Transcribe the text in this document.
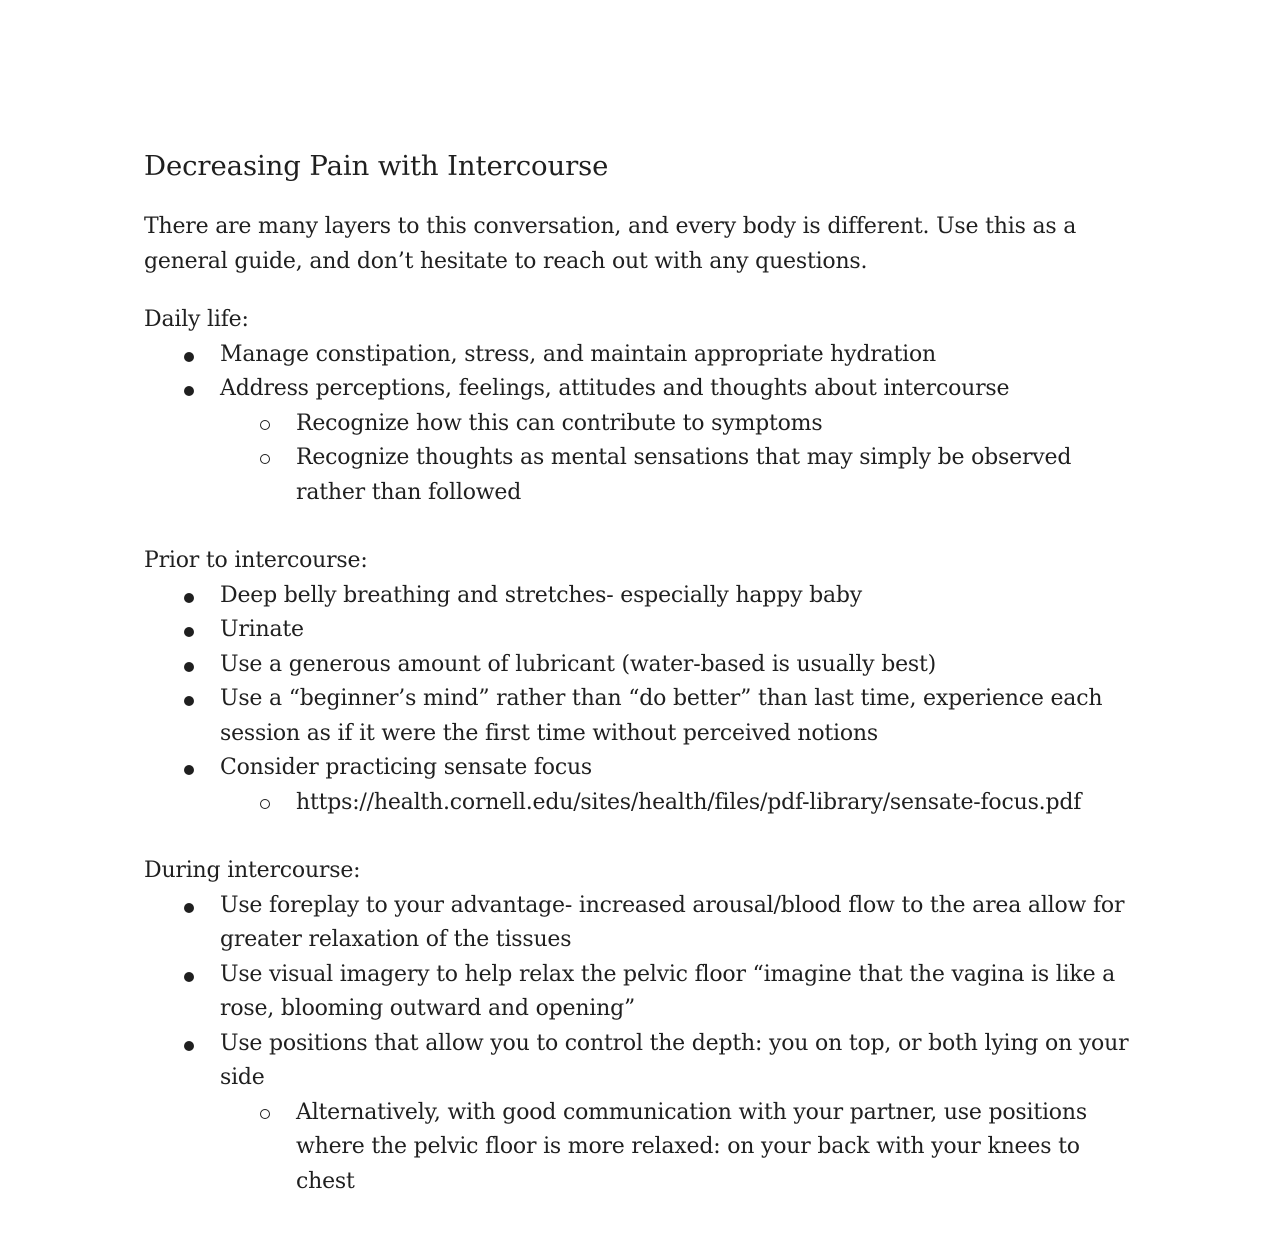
Decreasing Pain with Intercourse
There are many layers to this conversation, and every body is different. Use this as a general guide, and don’t hesitate to reach out with any questions.
Daily life:
Manage constipation, stress, and maintain appropriate hydration
Address perceptions, feelings, attitudes and thoughts about intercourse
Recognize how this can contribute to symptoms
Recognize thoughts as mental sensations that may simply be observed rather than followed
Prior to intercourse:
Deep belly breathing and stretches- especially happy baby
Urinate
Use a generous amount of lubricant (water-based is usually best)
Use a “beginner’s mind” rather than “do better” than last time, experience each session as if it were the first time without perceived notions
Consider practicing sensate focus
https://health.cornell.edu/sites/health/files/pdf-library/sensate-focus.pdf
During intercourse:
Use foreplay to your advantage- increased arousal/blood flow to the area allow for greater relaxation of the tissues
Use visual imagery to help relax the pelvic floor “imagine that the vagina is like a rose, blooming outward and opening”
Use positions that allow you to control the depth: you on top, or both lying on your side
Alternatively, with good communication with your partner, use positions where the pelvic floor is more relaxed: on your back with your knees to chest
